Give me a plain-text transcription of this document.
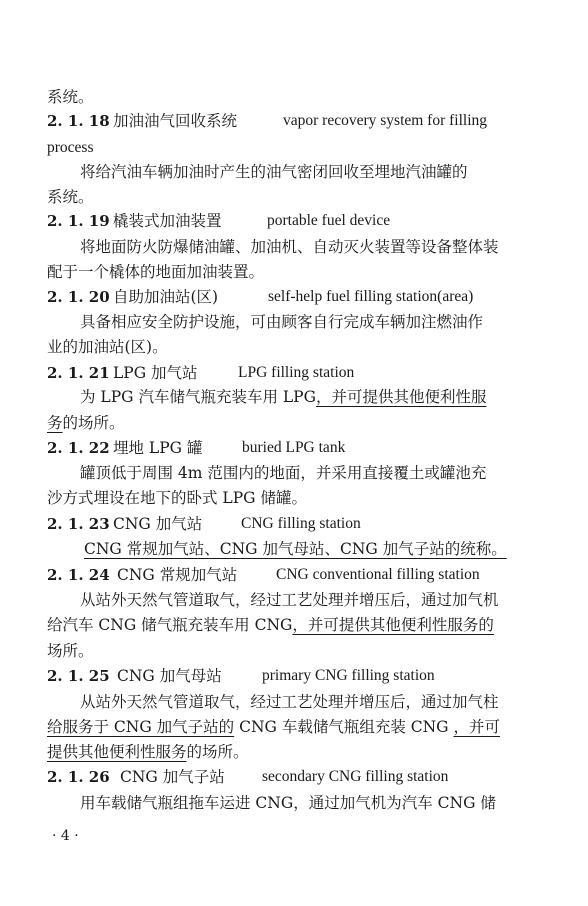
系统。
2. 1. 18 加油油气回收系统	vapor recovery system for filling
process
将给汽油车辆加油时产生的油气密闭回收至埋地汽油罐的
系统。
2. 1. 19 橇装式加油装置	portable fuel device
将地面防火防爆储油罐、加油机、自动灭火装置等设备整体装
配于一个橇体的地面加油装置。
2. 1. 20 自助加油站(区)	self-help fuel filling station(area)
具备相应安全防护设施，可由顾客自行完成车辆加注燃油作
业的加油站(区)。
2. 1. 21 LPG 加气站	LPG filling station
为 LPG 汽车储气瓶充装车用 LPG，并可提供其他便利性服
务的场所。
2. 1. 22 埋地 LPG 罐	buried LPG tank
罐顶低于周围 4m 范围内的地面，并采用直接覆土或罐池充
沙方式埋设在地下的卧式 LPG 储罐。
2. 1. 23 CNG 加气站	CNG filling station
CNG 常规加气站、CNG 加气母站、CNG 加气子站的统称。
2. 1. 24 CNG 常规加气站	CNG conventional filling station
从站外天然气管道取气，经过工艺处理并增压后，通过加气机
给汽车 CNG 储气瓶充装车用 CNG，并可提供其他便利性服务的
场所。
2. 1. 25 CNG 加气母站	primary CNG filling station
从站外天然气管道取气，经过工艺处理并增压后，通过加气柱
给服务于 CNG 加气子站的 CNG 车载储气瓶组充装 CNG ，并可
提供其他便利性服务的场所。
2. 1. 26 CNG 加气子站 secondary CNG filling station
用车载储气瓶组拖车运进 CNG，通过加气机为汽车 CNG 储
· 4 ·
